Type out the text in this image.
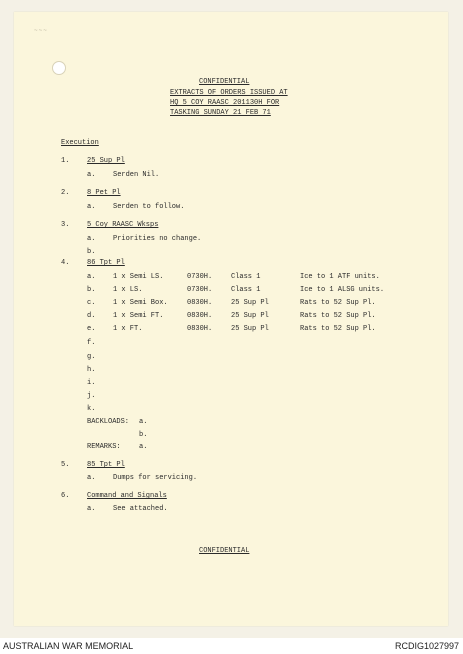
~~~
CONFIDENTIAL
EXTRACTS OF ORDERS ISSUED AT
HQ 5 COY RAASC 201130H FOR
TASKING SUNDAY 21 FEB 71
Execution
1.	25 Sup Pl
a.	Serden Nil.
2.	8 Pet Pl
a.	Serden to follow.
3.	5 Coy RAASC Wksps
a.	Priorities no change.
b.
4.	86 Tpt Pl
a.	1 x Semi LS.	0730H.	Class 1	Ice to 1 ATF units.
b.	1 x LS.	0730H.	Class 1	Ice to 1 ALSG units.
c.	1 x Semi Box.	0830H.	25 Sup Pl	Rats to 52 Sup Pl.
d.	1 x Semi FT.	0830H.	25 Sup Pl	Rats to 52 Sup Pl.
e.	1 x FT.	0830H.	25 Sup Pl	Rats to 52 Sup Pl.
f.
g.
h.
i.
j.
k.
BACKLOADS: a.
b.
REMARKS:	a.
5.	85 Tpt Pl
a.	Dumps for servicing.
6.	Command and Signals
a.	See attached.
CONFIDENTIAL
AUSTRALIAN WAR MEMORIAL	RCDIG1027997
